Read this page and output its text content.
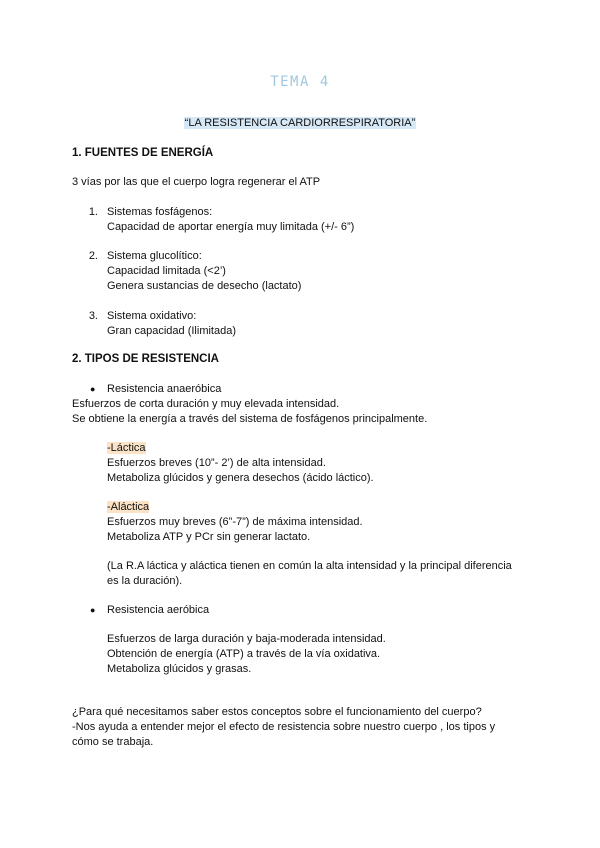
TEMA 4
“LA RESISTENCIA CARDIORRESPIRATORIA”
1. FUENTES DE ENERGÍA
3 vías por las que el cuerpo logra regenerar el ATP
1. Sistemas fosfágenos:
Capacidad de aportar energía muy limitada (+/- 6”)
2. Sistema glucolítico:
Capacidad limitada (<2’)
Genera sustancias de desecho (lactato)
3. Sistema oxidativo:
Gran capacidad (Ilimitada)
2. TIPOS DE RESISTENCIA
● Resistencia anaeróbica
Esfuerzos de corta duración y muy elevada intensidad.
Se obtiene la energía a través del sistema de fosfágenos principalmente.
-Láctica
Esfuerzos breves (10”- 2’) de alta intensidad.
Metaboliza glúcidos y genera desechos (ácido láctico).
-Aláctica
Esfuerzos muy breves (6”-7”) de máxima intensidad.
Metaboliza ATP y PCr sin generar lactato.
(La R.A láctica y aláctica tienen en común la alta intensidad y la principal diferencia
es la duración).
● Resistencia aeróbica
Esfuerzos de larga duración y baja-moderada intensidad.
Obtención de energía (ATP) a través de la vía oxidativa.
Metaboliza glúcidos y grasas.
¿Para qué necesitamos saber estos conceptos sobre el funcionamiento del cuerpo?
-Nos ayuda a entender mejor el efecto de resistencia sobre nuestro cuerpo , los tipos y
cómo se trabaja.
